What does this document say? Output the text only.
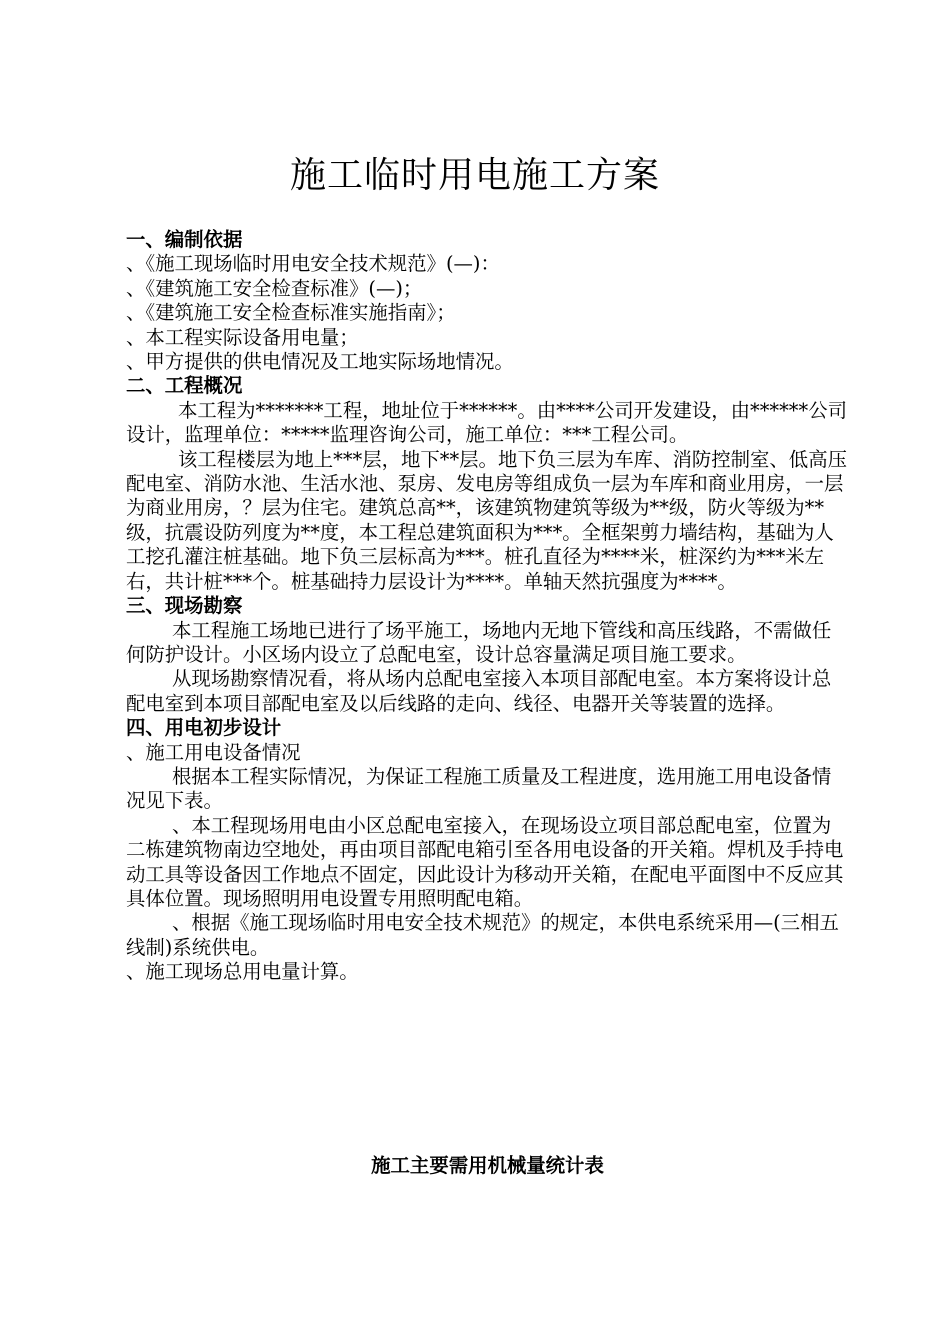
施工临时用电施工方案

一、编制依据

、《施工现场临时用电安全技术规范》(—)：

、《建筑施工安全检查标准》(—)；

、《建筑施工安全检查标准实施指南》；

、本工程实际设备用电量；

、甲方提供的供电情况及工地实际场地情况。

二、工程概况

本工程为*******工程，地址位于******。由****公司开发建设，由******公司设计，监理单位：*****监理咨询公司，施工单位：***工程公司。

该工程楼层为地上***层，地下**层。地下负三层为车库、消防控制室、低高压配电室、消防水池、生活水池、泵房、发电房等组成负一层为车库和商业用房，一层为商业用房，？层为住宅。建筑总高**，该建筑物建筑等级为**级，防火等级为**级，抗震设防列度为**度，本工程总建筑面积为***。全框架剪力墙结构，基础为人工挖孔灌注桩基础。地下负三层标高为***。桩孔直径为****米，桩深约为***米左右，共计桩***个。桩基础持力层设计为****。单轴天然抗强度为****。

三、现场勘察

本工程施工场地已进行了场平施工，场地内无地下管线和高压线路，不需做任何防护设计。小区场内设立了总配电室，设计总容量满足项目施工要求。

从现场勘察情况看，将从场内总配电室接入本项目部配电室。本方案将设计总配电室到本项目部配电室及以后线路的走向、线径、电器开关等装置的选择。

四、用电初步设计

、施工用电设备情况

根据本工程实际情况，为保证工程施工质量及工程进度，选用施工用电设备情况见下表。

、本工程现场用电由小区总配电室接入，在现场设立项目部总配电室，位置为二栋建筑物南边空地处，再由项目部配电箱引至各用电设备的开关箱。焊机及手持电动工具等设备因工作地点不固定，因此设计为移动开关箱，在配电平面图中不反应其具体位置。现场照明用电设置专用照明配电箱。

、根据《施工现场临时用电安全技术规范》的规定，本供电系统采用—(三相五线制)系统供电。

、施工现场总用电量计算。

施工主要需用机械量统计表
